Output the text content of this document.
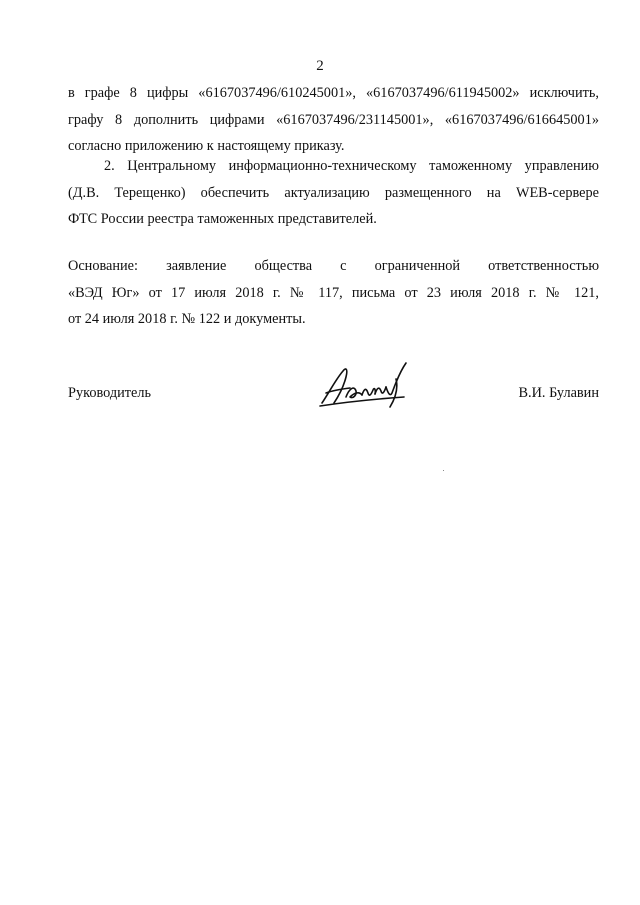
2
в графе 8 цифры «6167037496/610245001», «6167037496/611945002» исключить,
графу 8 дополнить цифрами «6167037496/231145001», «6167037496/616645001»
согласно приложению к настоящему приказу.
2. Центральному информационно-техническому таможенному управлению
(Д.В. Терещенко) обеспечить актуализацию размещенного на WEB-сервере
ФТС России реестра таможенных представителей.
Основание: заявление общества с ограниченной ответственностью
«ВЭД Юг» от 17 июля 2018 г. № 117, письма от 23 июля 2018 г. № 121,
от 24 июля 2018 г. № 122 и документы.
Руководитель	В.И. Булавин
